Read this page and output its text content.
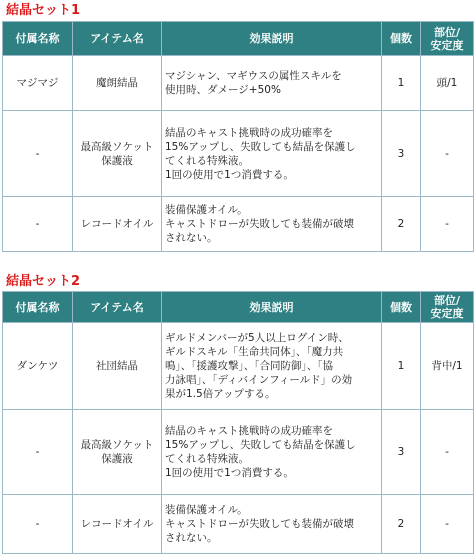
結晶セット1
付属名称	アイテム名	効果説明	個数	部位/
安定度
マジマジ	魔朗結晶	マジシャン、マギウスの属性スキルを
使用時、ダメージ+50%	1	頭/1
-	最高級ソケット
保護液	結晶のキャスト挑戦時の成功確率を
15%アップし、失敗しても結晶を保護し
てくれる特殊液。
1回の使用で1つ消費する。	3	-
-	レコードオイル	装備保護オイル。
キャストドローが失敗しても装備が破壊
されない。	2	-
結晶セット2
付属名称	アイテム名	効果説明	個数	部位/
安定度
ダンケツ	社団結晶	ギルドメンバーが5人以上ログイン時、
ギルドスキル「生命共同体」、「魔力共
鳴」、「援護攻撃」、「合同防御」、「協
力詠唱」、「ディバインフィールド」の効
果が1.5倍アップする。	1	背中/1
-	最高級ソケット
保護液	結晶のキャスト挑戦時の成功確率を
15%アップし、失敗しても結晶を保護し
てくれる特殊液。
1回の使用で1つ消費する。	3	-
-	レコードオイル	装備保護オイル。
キャストドローが失敗しても装備が破壊
されない。	2	-
